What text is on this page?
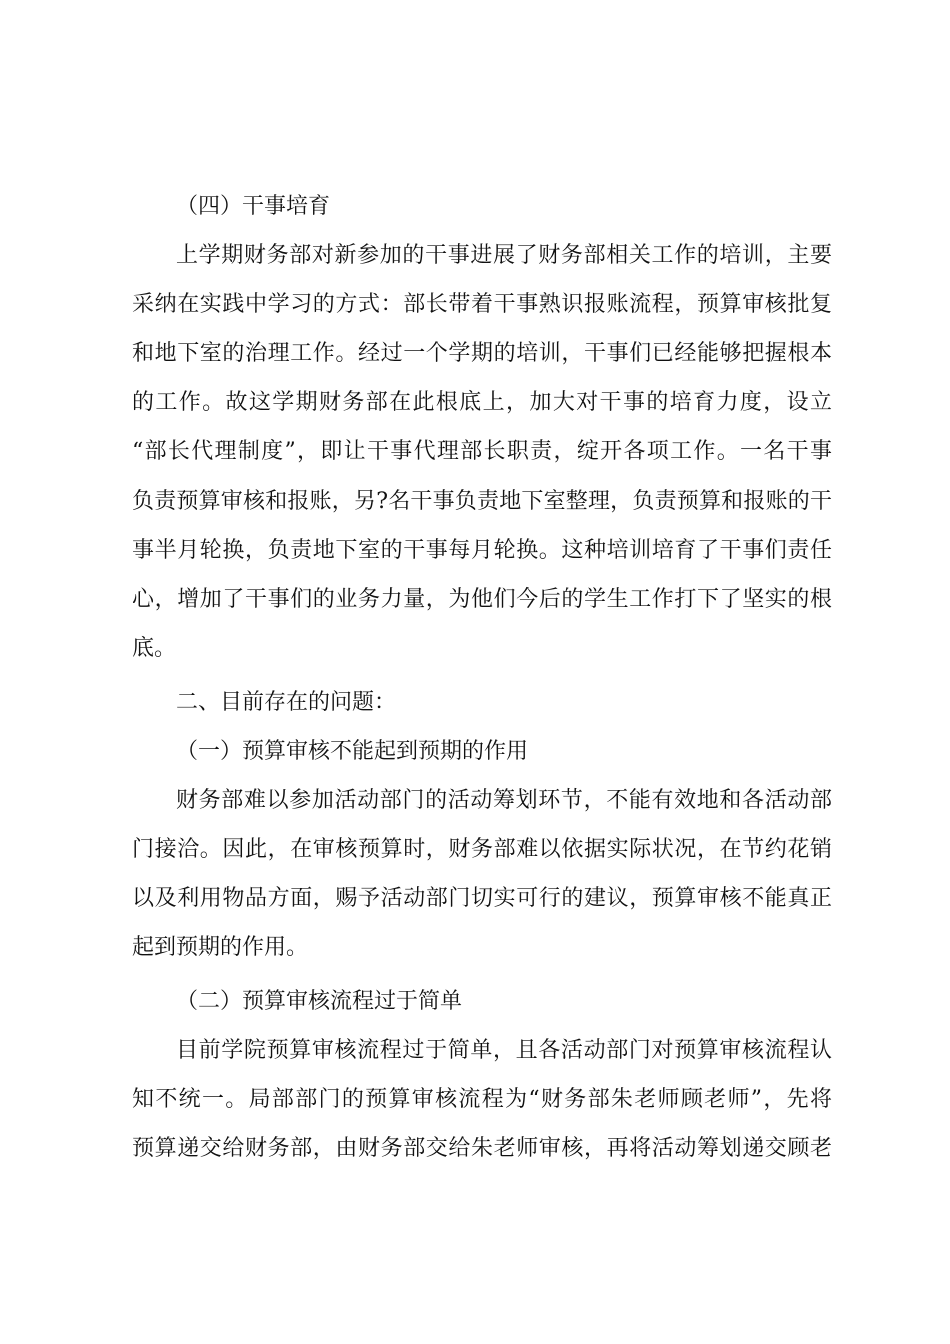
（四）干事培育
上学期财务部对新参加的干事进展了财务部相关工作的培训，主要
采纳在实践中学习的方式：部长带着干事熟识报账流程，预算审核批复
和地下室的治理工作。经过一个学期的培训，干事们已经能够把握根本
的工作。故这学期财务部在此根底上，加大对干事的培育力度，设立
“部长代理制度”，即让干事代理部长职责，绽开各项工作。一名干事
负责预算审核和报账，另?名干事负责地下室整理，负责预算和报账的干
事半月轮换，负责地下室的干事每月轮换。这种培训培育了干事们责任
心，增加了干事们的业务力量，为他们今后的学生工作打下了坚实的根
底。
二、目前存在的问题：
（一）预算审核不能起到预期的作用
财务部难以参加活动部门的活动筹划环节，不能有效地和各活动部
门接洽。因此，在审核预算时，财务部难以依据实际状况，在节约花销
以及利用物品方面，赐予活动部门切实可行的建议，预算审核不能真正
起到预期的作用。
（二）预算审核流程过于简单
目前学院预算审核流程过于简单，且各活动部门对预算审核流程认
知不统一。局部部门的预算审核流程为“财务部朱老师顾老师”，先将
预算递交给财务部，由财务部交给朱老师审核，再将活动筹划递交顾老
